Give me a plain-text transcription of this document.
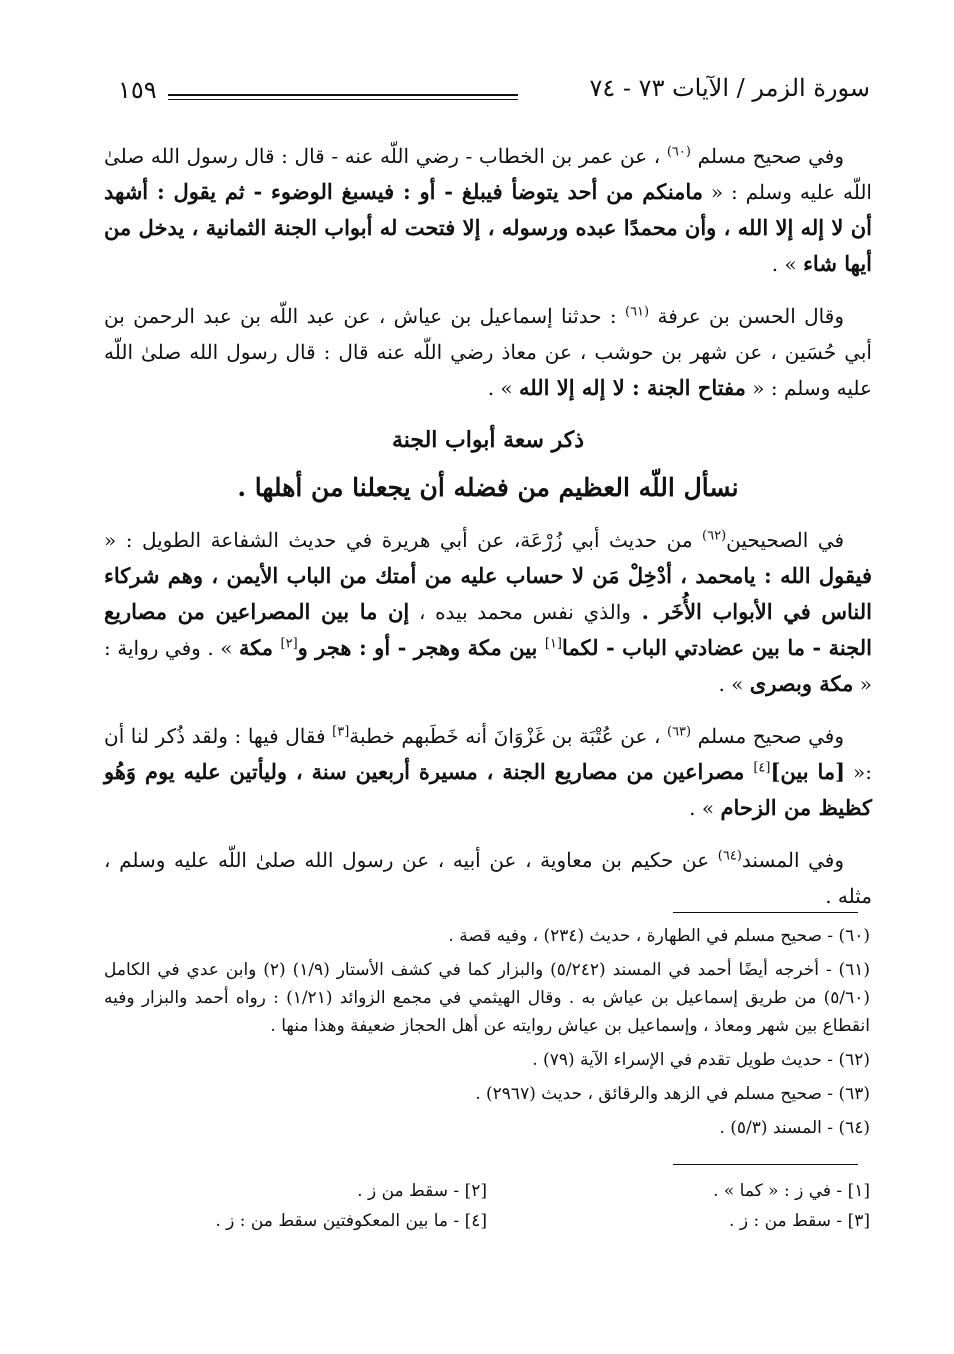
١٥٩	سورة الزمر / الآيات ٧٣ - ٧٤

وفي صحيح مسلم $^{(٦٠)}$ ، عن عمر بن الخطاب - رضي اللّه عنه - قال : قال رسول الله صلىٰ اللّه عليه وسلم : « مامنكم من أحد يتوضأ فيبلغ - أو : فيسبغ الوضوء - ثم يقول : أشهد أن لا إله إلا الله ، وأن محمدًا عبده ورسوله ، إلا فتحت له أبواب الجنة الثمانية ، يدخل من أيها شاء » .

وقال الحسن بن عرفة $^{(٦١)}$ : حدثنا إسماعيل بن عياش ، عن عبد اللّه بن عبد الرحمن بن أبي حُسَين ، عن شهر بن حوشب ، عن معاذ رضي اللّه عنه قال : قال رسول الله صلىٰ اللّه عليه وسلم : « مفتاح الجنة : لا إله إلا الله » .

ذكر سعة أبواب الجنة

نسأل اللّه العظيم من فضله أن يجعلنا من أهلها .

في الصحيحين$^{(٦٢)}$ من حديث أبي زُرْعَة، عن أبي هريرة في حديث الشفاعة الطويل : « فيقول الله : يامحمد ، أدْخِلْ مَن لا حساب عليه من أمتك من الباب الأيمن ، وهم شركاء الناس في الأبواب الأُخَر . والذي نفس محمد بيده ، إن ما بين المصراعين من مصاريع الجنة - ما بين عضادتي الباب - لكما[١] بين مكة وهجر - أو : هجر و[٢] مكة » . وفي رواية : « مكة وبصرى » .

وفي صحيح مسلم $^{(٦٣)}$ ، عن عُتْبَة بن غَزْوَانَ أنه خَطَبهم خطبة[٣] فقال فيها : ولقد ذُكر لنا أن :« [ما بين][٤] مصراعين من مصاريع الجنة ، مسيرة أربعين سنة ، وليأتين عليه يوم وَهُو كظيظ من الزحام » .

وفي المسند$^{(٦٤)}$ عن حكيم بن معاوية ، عن أبيه ، عن رسول الله صلىٰ اللّه عليه وسلم ، مثله .

(٦٠) - صحيح مسلم في الطهارة ، حديث (٢٣٤) ، وفيه قصة .

(٦١) - أخرجه أيضًا أحمد في المسند (٥/٢٤٢) والبزار كما في كشف الأستار (١/٩) (٢) وابن عدي في الكامل (٥/٦٠) من طريق إسماعيل بن عياش به . وقال الهيثمي في مجمع الزوائد (١/٢١) : رواه أحمد والبزار وفيه انقطاع بين شهر ومعاذ ، وإسماعيل بن عياش روايته عن أهل الحجاز ضعيفة وهذا منها .

(٦٢) - حديث طويل تقدم في الإسراء الآية (٧٩) .

(٦٣) - صحيح مسلم في الزهد والرقائق ، حديث (٢٩٦٧) .

(٦٤) - المسند (٥/٣) .

[١] - في ز : « كما » .
[٢] - سقط من ز .
[٣] - سقط من : ز .
[٤] - ما بين المعكوفتين سقط من : ز .
